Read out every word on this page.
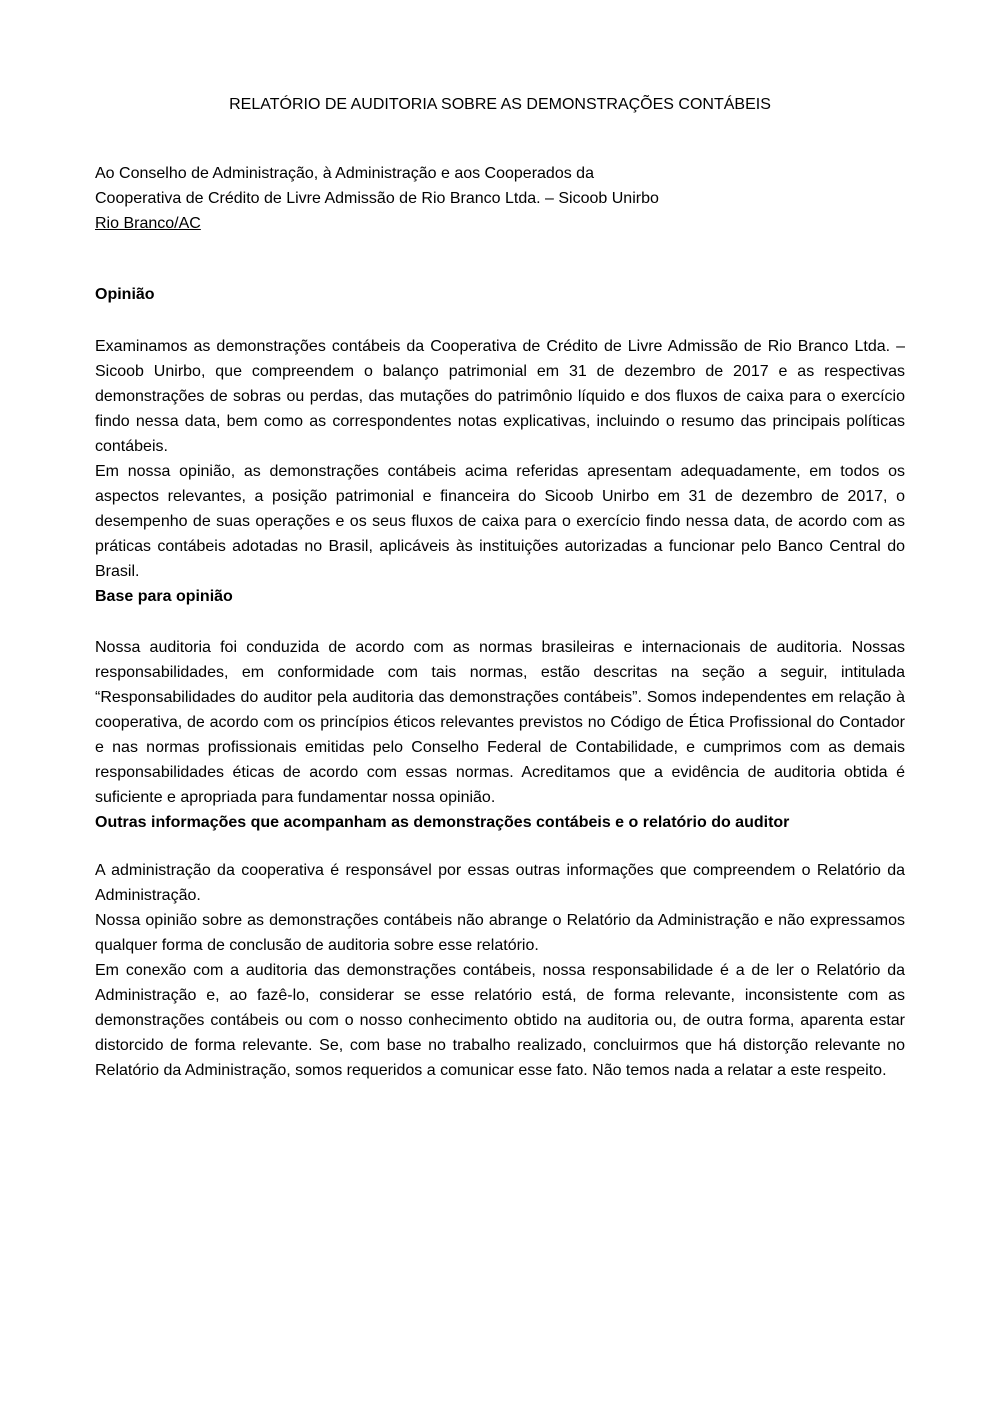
RELATÓRIO DE AUDITORIA SOBRE AS DEMONSTRAÇÕES CONTÁBEIS
Ao Conselho de Administração, à Administração e aos Cooperados da
Cooperativa de Crédito de Livre Admissão de Rio Branco Ltda. – Sicoob Unirbo
Rio Branco/AC
Opinião

Examinamos as demonstrações contábeis da Cooperativa de Crédito de Livre Admissão de Rio Branco Ltda. – Sicoob Unirbo, que compreendem o balanço patrimonial em 31 de dezembro de 2017 e as respectivas demonstrações de sobras ou perdas, das mutações do patrimônio líquido e dos fluxos de caixa para o exercício findo nessa data, bem como as correspondentes notas explicativas, incluindo o resumo das principais políticas contábeis.

Em nossa opinião, as demonstrações contábeis acima referidas apresentam adequadamente, em todos os aspectos relevantes, a posição patrimonial e financeira do Sicoob Unirbo em 31 de dezembro de 2017, o desempenho de suas operações e os seus fluxos de caixa para o exercício findo nessa data, de acordo com as práticas contábeis adotadas no Brasil, aplicáveis às instituições autorizadas a funcionar pelo Banco Central do Brasil.

Base para opinião

Nossa auditoria foi conduzida de acordo com as normas brasileiras e internacionais de auditoria. Nossas responsabilidades, em conformidade com tais normas, estão descritas na seção a seguir, intitulada “Responsabilidades do auditor pela auditoria das demonstrações contábeis”. Somos independentes em relação à cooperativa, de acordo com os princípios éticos relevantes previstos no Código de Ética Profissional do Contador e nas normas profissionais emitidas pelo Conselho Federal de Contabilidade, e cumprimos com as demais responsabilidades éticas de acordo com essas normas. Acreditamos que a evidência de auditoria obtida é suficiente e apropriada para fundamentar nossa opinião.

Outras informações que acompanham as demonstrações contábeis e o relatório do auditor

A administração da cooperativa é responsável por essas outras informações que compreendem o Relatório da Administração.

Nossa opinião sobre as demonstrações contábeis não abrange o Relatório da Administração e não expressamos qualquer forma de conclusão de auditoria sobre esse relatório.

Em conexão com a auditoria das demonstrações contábeis, nossa responsabilidade é a de ler o Relatório da Administração e, ao fazê-lo, considerar se esse relatório está, de forma relevante, inconsistente com as demonstrações contábeis ou com o nosso conhecimento obtido na auditoria ou, de outra forma, aparenta estar distorcido de forma relevante. Se, com base no trabalho realizado, concluirmos que há distorção relevante no Relatório da Administração, somos requeridos a comunicar esse fato. Não temos nada a relatar a este respeito.
